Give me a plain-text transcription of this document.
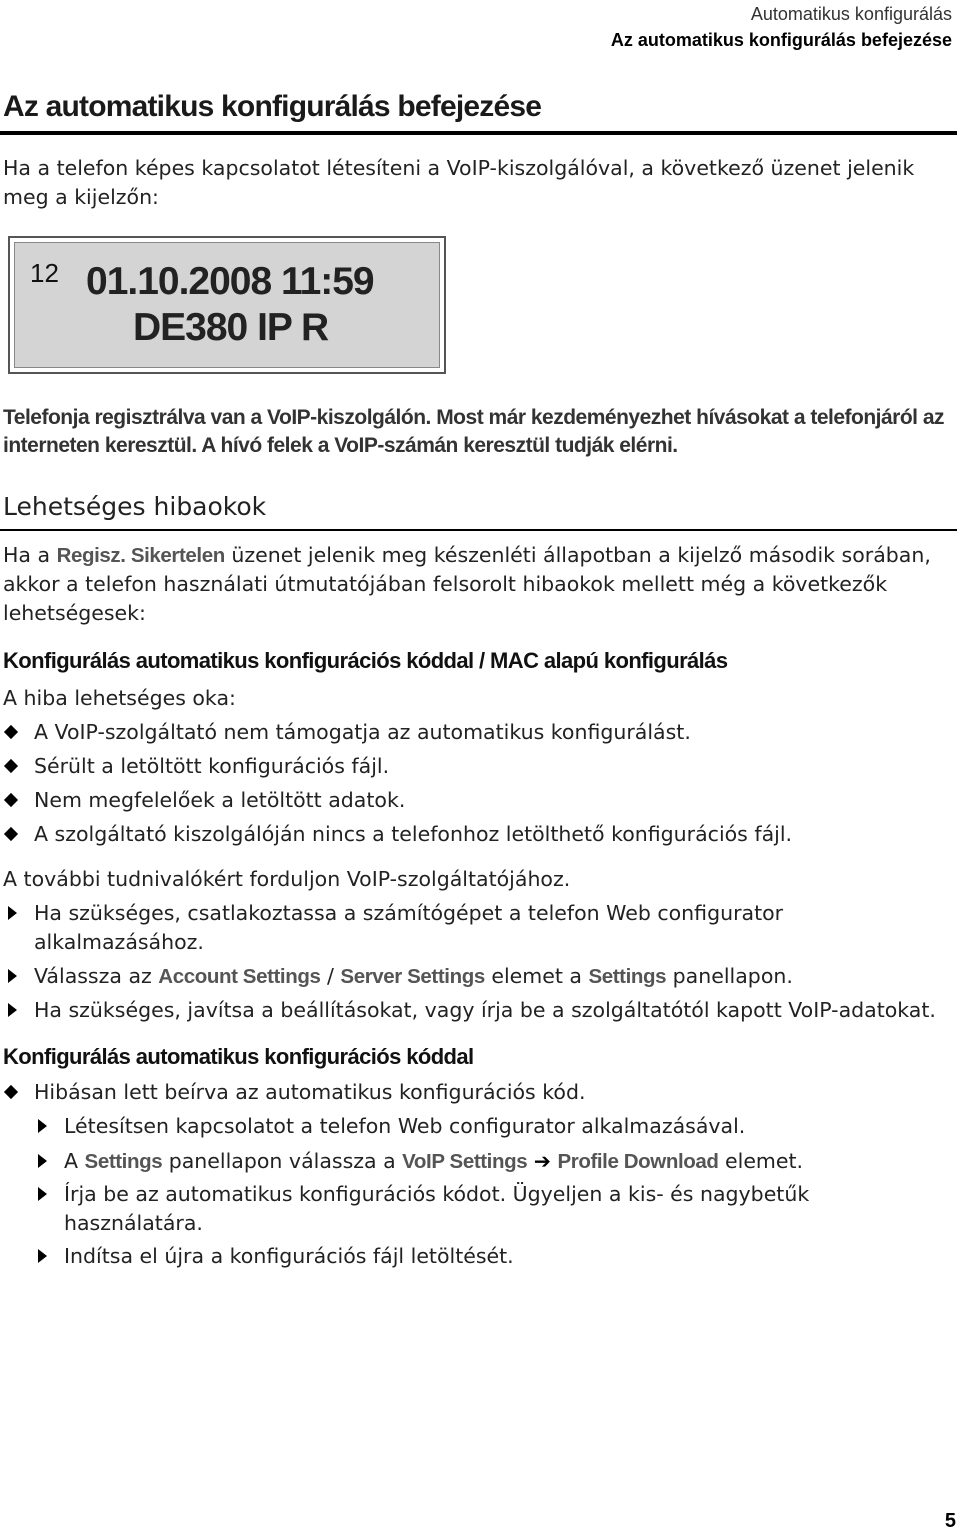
Automatikus konfigurálás
Az automatikus konfigurálás befejezése
Az automatikus konfigurálás befejezése
Ha a telefon képes kapcsolatot létesíteni a VoIP-kiszolgálóval, a következő üzenet jelenik meg a kijelzőn:
12 01.10.2008 11:59
DE380 IP R
Telefonja regisztrálva van a VoIP-kiszolgálón. Most már kezdeményezhet hívásokat a telefonjáról az interneten keresztül. A hívó felek a VoIP-számán keresztül tudják elérni.
Lehetséges hibaokok
Ha a Regisz. Sikertelen üzenet jelenik meg készenléti állapotban a kijelző második sorában, akkor a telefon használati útmutatójában felsorolt hibaokok mellett még a következők lehetségesek:
Konfigurálás automatikus konfigurációs kóddal / MAC alapú konfigurálás
A hiba lehetséges oka:
A VoIP-szolgáltató nem támogatja az automatikus konfigurálást.
Sérült a letöltött konfigurációs fájl.
Nem megfelelőek a letöltött adatok.
A szolgáltató kiszolgálóján nincs a telefonhoz letölthető konfigurációs fájl.
A további tudnivalókért forduljon VoIP-szolgáltatójához.
Ha szükséges, csatlakoztassa a számítógépet a telefon Web configurator
alkalmazásához.
Válassza az Account Settings / Server Settings elemet a Settings panellapon.
Ha szükséges, javítsa a beállításokat, vagy írja be a szolgáltatótól kapott VoIP-adatokat.
Konfigurálás automatikus konfigurációs kóddal
Hibásan lett beírva az automatikus konfigurációs kód.
Létesítsen kapcsolatot a telefon Web configurator alkalmazásával.
A Settings panellapon válassza a VoIP Settings ➔ Profile Download elemet.
Írja be az automatikus konfigurációs kódot. Ügyeljen a kis- és nagybetűk
használatára.
Indítsa el újra a konfigurációs fájl letöltését.
5
